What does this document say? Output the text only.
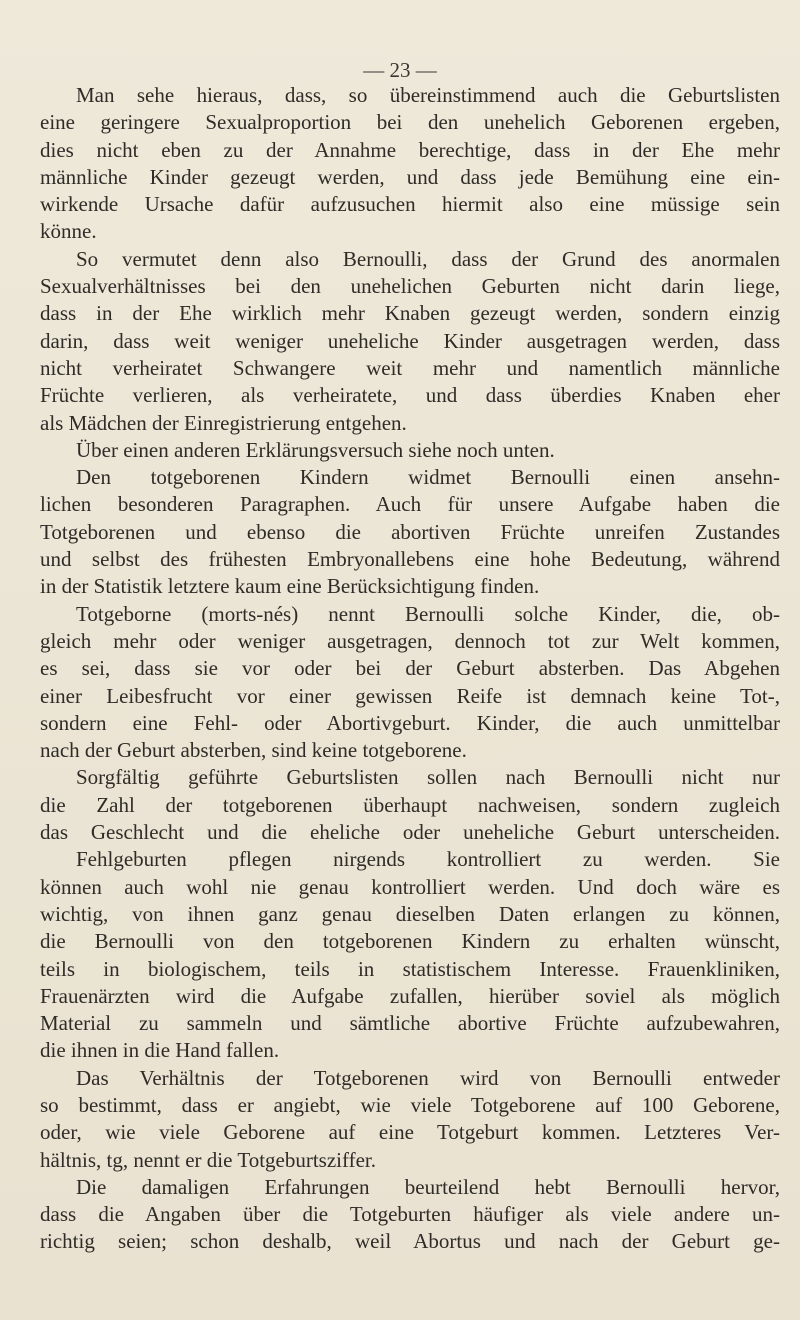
— 23 —
Man sehe hieraus, dass, so übereinstimmend auch die Geburtslisten
eine geringere Sexualproportion bei den unehelich Geborenen ergeben,
dies nicht eben zu der Annahme berechtige, dass in der Ehe mehr
männliche Kinder gezeugt werden, und dass jede Bemühung eine ein-
wirkende Ursache dafür aufzusuchen hiermit also eine müssige sein
könne.
So vermutet denn also Bernoulli, dass der Grund des anormalen
Sexualverhältnisses bei den unehelichen Geburten nicht darin liege,
dass in der Ehe wirklich mehr Knaben gezeugt werden, sondern einzig
darin, dass weit weniger uneheliche Kinder ausgetragen werden, dass
nicht verheiratet Schwangere weit mehr und namentlich männliche
Früchte verlieren, als verheiratete, und dass überdies Knaben eher
als Mädchen der Einregistrierung entgehen.
Über einen anderen Erklärungsversuch siehe noch unten.
Den totgeborenen Kindern widmet Bernoulli einen ansehn-
lichen besonderen Paragraphen. Auch für unsere Aufgabe haben die
Totgeborenen und ebenso die abortiven Früchte unreifen Zustandes
und selbst des frühesten Embryonallebens eine hohe Bedeutung, während
in der Statistik letztere kaum eine Berücksichtigung finden.
Totgeborne (morts-nés) nennt Bernoulli solche Kinder, die, ob-
gleich mehr oder weniger ausgetragen, dennoch tot zur Welt kommen,
es sei, dass sie vor oder bei der Geburt absterben. Das Abgehen
einer Leibesfrucht vor einer gewissen Reife ist demnach keine Tot-,
sondern eine Fehl- oder Abortivgeburt. Kinder, die auch unmittelbar
nach der Geburt absterben, sind keine totgeborene.
Sorgfältig geführte Geburtslisten sollen nach Bernoulli nicht nur
die Zahl der totgeborenen überhaupt nachweisen, sondern zugleich
das Geschlecht und die eheliche oder uneheliche Geburt unterscheiden.
Fehlgeburten pflegen nirgends kontrolliert zu werden. Sie
können auch wohl nie genau kontrolliert werden. Und doch wäre es
wichtig, von ihnen ganz genau dieselben Daten erlangen zu können,
die Bernoulli von den totgeborenen Kindern zu erhalten wünscht,
teils in biologischem, teils in statistischem Interesse. Frauenkliniken,
Frauenärzten wird die Aufgabe zufallen, hierüber soviel als möglich
Material zu sammeln und sämtliche abortive Früchte aufzubewahren,
die ihnen in die Hand fallen.
Das Verhältnis der Totgeborenen wird von Bernoulli entweder
so bestimmt, dass er angiebt, wie viele Totgeborene auf 100 Geborene,
oder, wie viele Geborene auf eine Totgeburt kommen. Letzteres Ver-
hältnis, tg, nennt er die Totgeburtsziffer.
Die damaligen Erfahrungen beurteilend hebt Bernoulli hervor,
dass die Angaben über die Totgeburten häufiger als viele andere un-
richtig seien; schon deshalb, weil Abortus und nach der Geburt ge-
